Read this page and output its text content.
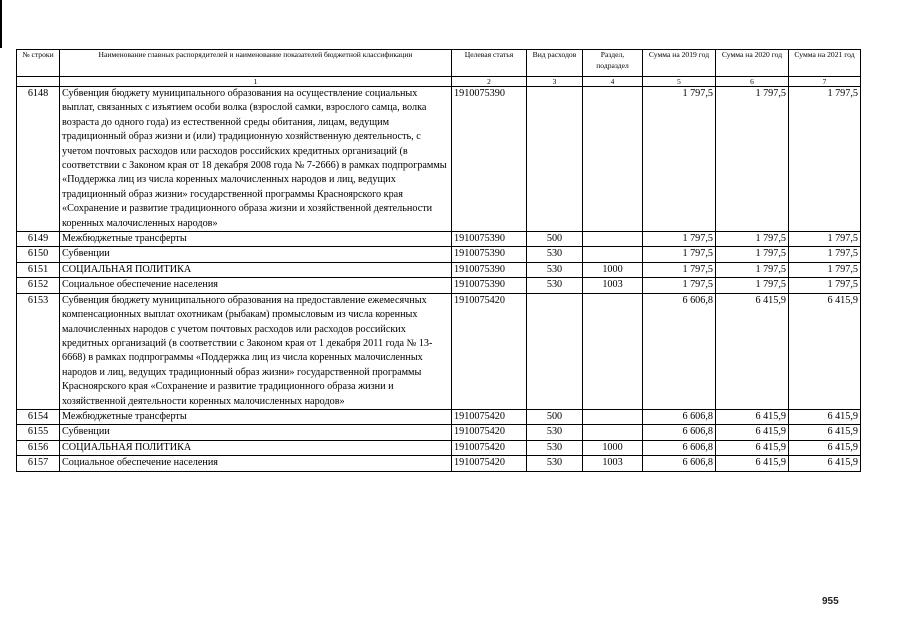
№ строки	Наименование главных распорядителей и наименование показателей бюджетной классификации	Целевая статья	Вид расходов	Раздел, подраздел	Сумма на 2019 год	Сумма на 2020 год	Сумма на 2021 год
	1	2	3	4	5	6	7
6148	Субвенция бюджету муниципального образования на осуществление социальных выплат, связанных с изъятием особи волка (взрослой самки, взрослого самца, волка возраста до одного года) из естественной среды обитания, лицам, ведущим традиционный образ жизни и (или) традиционную хозяйственную деятельность, с учетом почтовых расходов или расходов российских кредитных организаций (в соответствии с Законом края от 18 декабря 2008 года № 7-2666) в рамках подпрограммы «Поддержка лиц из числа коренных малочисленных народов и лиц, ведущих традиционный образ жизни» государственной программы Красноярского края «Сохранение и развитие традиционного образа жизни и хозяйственной деятельности коренных малочисленных народов»	1910075390			1 797,5	1 797,5	1 797,5
6149	Межбюджетные трансферты	1910075390	500		1 797,5	1 797,5	1 797,5
6150	Субвенции	1910075390	530		1 797,5	1 797,5	1 797,5
6151	СОЦИАЛЬНАЯ ПОЛИТИКА	1910075390	530	1000	1 797,5	1 797,5	1 797,5
6152	Социальное обеспечение населения	1910075390	530	1003	1 797,5	1 797,5	1 797,5
6153	Субвенция бюджету муниципального образования на предоставление ежемесячных компенсационных выплат охотникам (рыбакам) промысловым из числа коренных малочисленных народов с учетом почтовых расходов или расходов российских кредитных организаций (в соответствии с Законом края от 1 декабря 2011 года № 13-6668) в рамках подпрограммы «Поддержка лиц из числа коренных малочисленных народов и лиц, ведущих традиционный образ жизни» государственной программы Красноярского края «Сохранение и развитие традиционного образа жизни и хозяйственной деятельности коренных малочисленных народов»	1910075420			6 606,8	6 415,9	6 415,9
6154	Межбюджетные трансферты	1910075420	500		6 606,8	6 415,9	6 415,9
6155	Субвенции	1910075420	530		6 606,8	6 415,9	6 415,9
6156	СОЦИАЛЬНАЯ ПОЛИТИКА	1910075420	530	1000	6 606,8	6 415,9	6 415,9
6157	Социальное обеспечение населения	1910075420	530	1003	6 606,8	6 415,9	6 415,9
955
